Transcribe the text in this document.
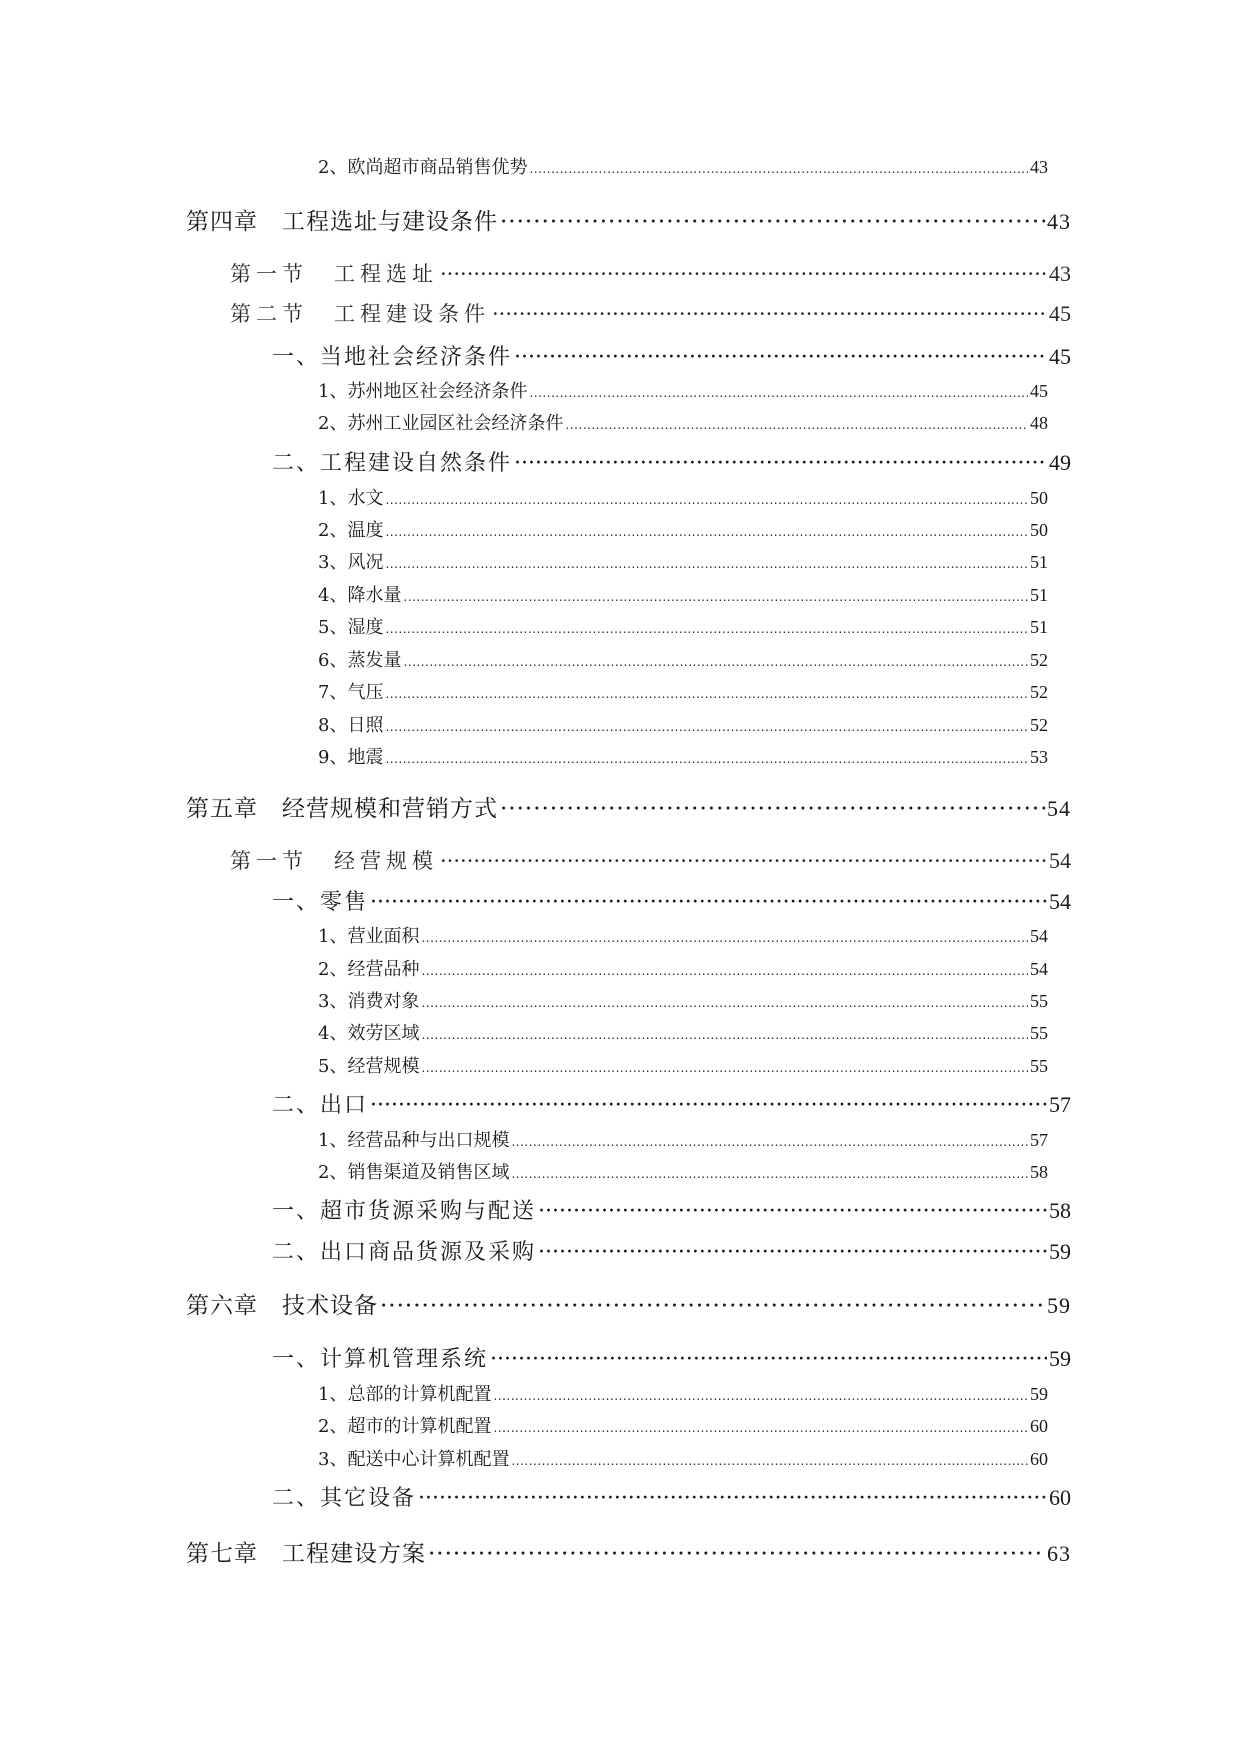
2、欧尚超市商品销售优势 .....	43
第四章　工程选址与建设条件 ·····	43
第一节　工程选址 ·····	43
第二节　工程建设条件 ·····	45
一、当地社会经济条件 ·····	45
1、苏州地区社会经济条件 .....	45
2、苏州工业园区社会经济条件 .....	48
二、工程建设自然条件 ·····	49
1、水文 .....	50
2、温度 .....	50
3、风况 .....	51
4、降水量 .....	51
5、湿度 .....	51
6、蒸发量 .....	52
7、气压 .....	52
8、日照 .....	52
9、地震 .....	53
第五章　经营规模和营销方式 ·····	54
第一节　经营规模 ·····	54
一、零售 ·····	54
1、营业面积 .....	54
2、经营品种 .....	54
3、消费对象 .....	55
4、效劳区域 .....	55
5、经营规模 .....	55
二、出口 ·····	57
1、经营品种与出口规模 .....	57
2、销售渠道及销售区域 .....	58
一、超市货源采购与配送 ·····	58
二、出口商品货源及采购 ·····	59
第六章　技术设备 ·····	59
一、计算机管理系统 ·····	59
1、总部的计算机配置 .....	59
2、超市的计算机配置 .....	60
3、配送中心计算机配置 .....	60
二、其它设备 ·····	60
第七章　工程建设方案 ·····	63
